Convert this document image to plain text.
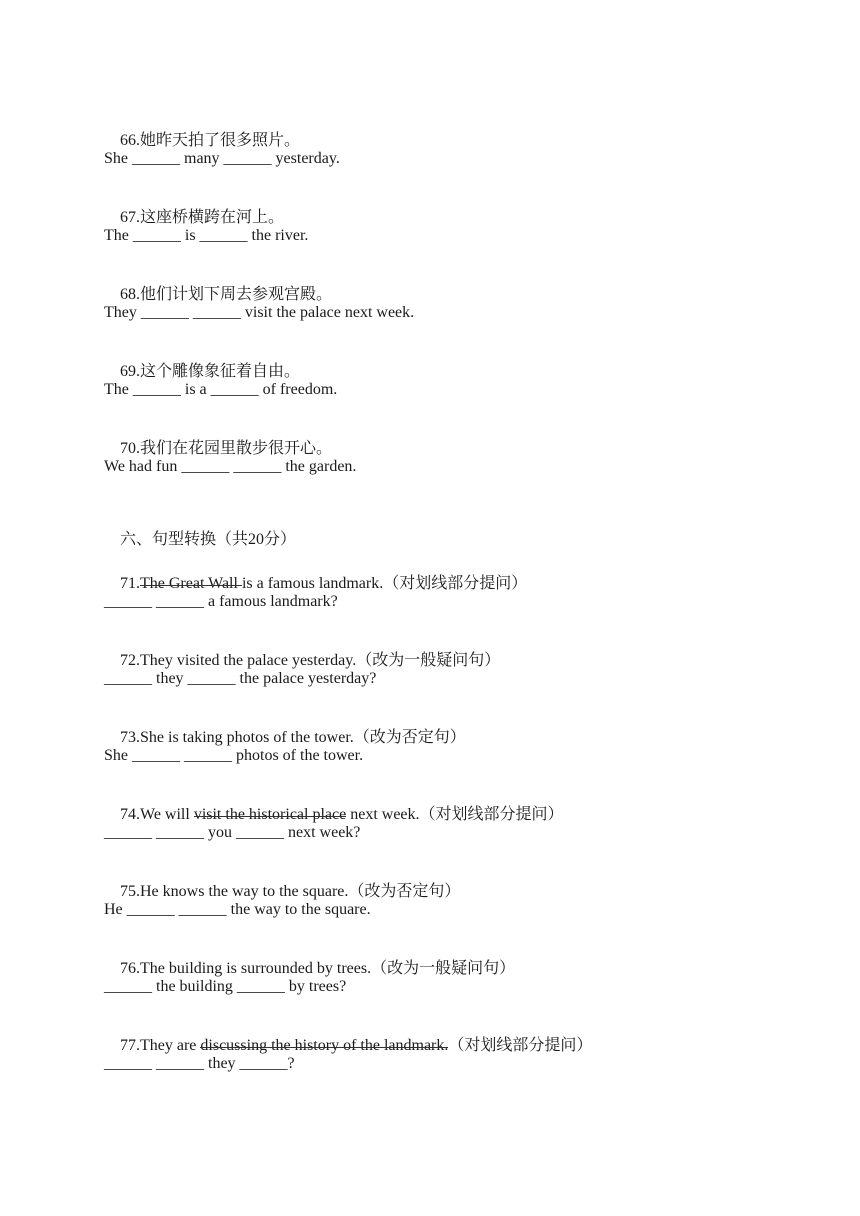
66.她昨天拍了很多照片。

She ______ many ______ yesterday.

67.这座桥横跨在河上。

The ______ is ______ the river.

68.他们计划下周去参观宫殿。

They ______ ______ visit the palace next week.

69.这个雕像象征着自由。

The ______ is a ______ of freedom.

70.我们在花园里散步很开心。

We had fun ______ ______ the garden.

六、句型转换（共20分）

71.The Great Wall is a famous landmark.（对划线部分提问）

______ ______ a famous landmark?

72.They visited the palace yesterday.（改为一般疑问句）

______ they ______ the palace yesterday?

73.She is taking photos of the tower.（改为否定句）

She ______ ______ photos of the tower.

74.We will visit the historical place next week.（对划线部分提问）

______ ______ you ______ next week?

75.He knows the way to the square.（改为否定句）

He ______ ______ the way to the square.

76.The building is surrounded by trees.（改为一般疑问句）

______ the building ______ by trees?

77.They are discussing the history of the landmark.（对划线部分提问）

______ ______ they ______?
